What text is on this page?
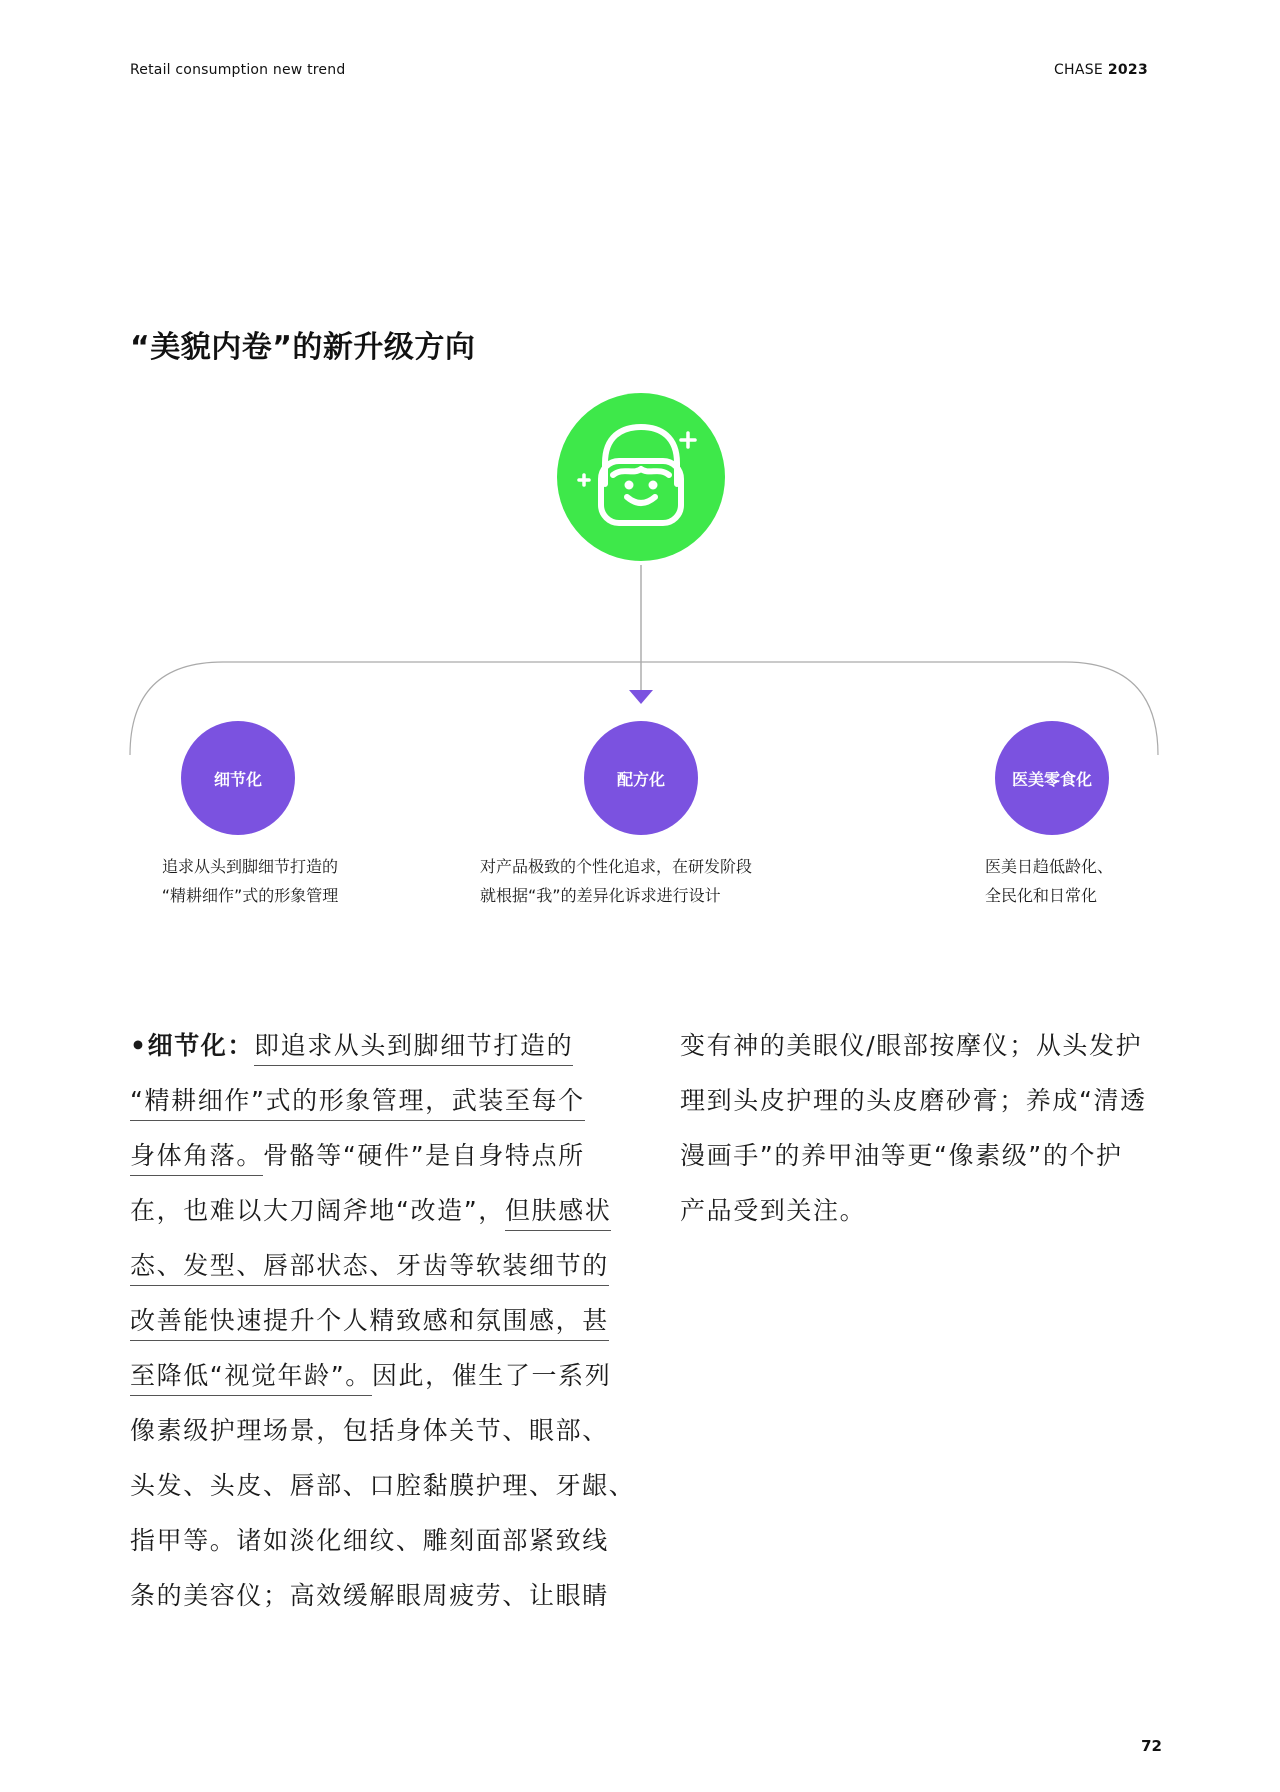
Retail consumption new trend	CHASE 2023
“美貌内卷”的新升级方向
细节化	配方化	医美零食化
追求从头到脚细节打造的
“精耕细作”式的形象管理
对产品极致的个性化追求，在研发阶段
就根据“我”的差异化诉求进行设计
医美日趋低龄化、
全民化和日常化
•细节化：即追求从头到脚细节打造的
“精耕细作”式的形象管理，武装至每个
身体角落。骨骼等“硬件”是自身特点所
在，也难以大刀阔斧地“改造”，但肤感状
态、发型、唇部状态、牙齿等软装细节的
改善能快速提升个人精致感和氛围感，甚
至降低“视觉年龄”。因此，催生了一系列
像素级护理场景，包括身体关节、眼部、
头发、头皮、唇部、口腔黏膜护理、牙龈、
指甲等。诸如淡化细纹、雕刻面部紧致线
条的美容仪；高效缓解眼周疲劳、让眼睛
变有神的美眼仪/眼部按摩仪；从头发护
理到头皮护理的头皮磨砂膏；养成“清透
漫画手”的养甲油等更“像素级”的个护
产品受到关注。
72
